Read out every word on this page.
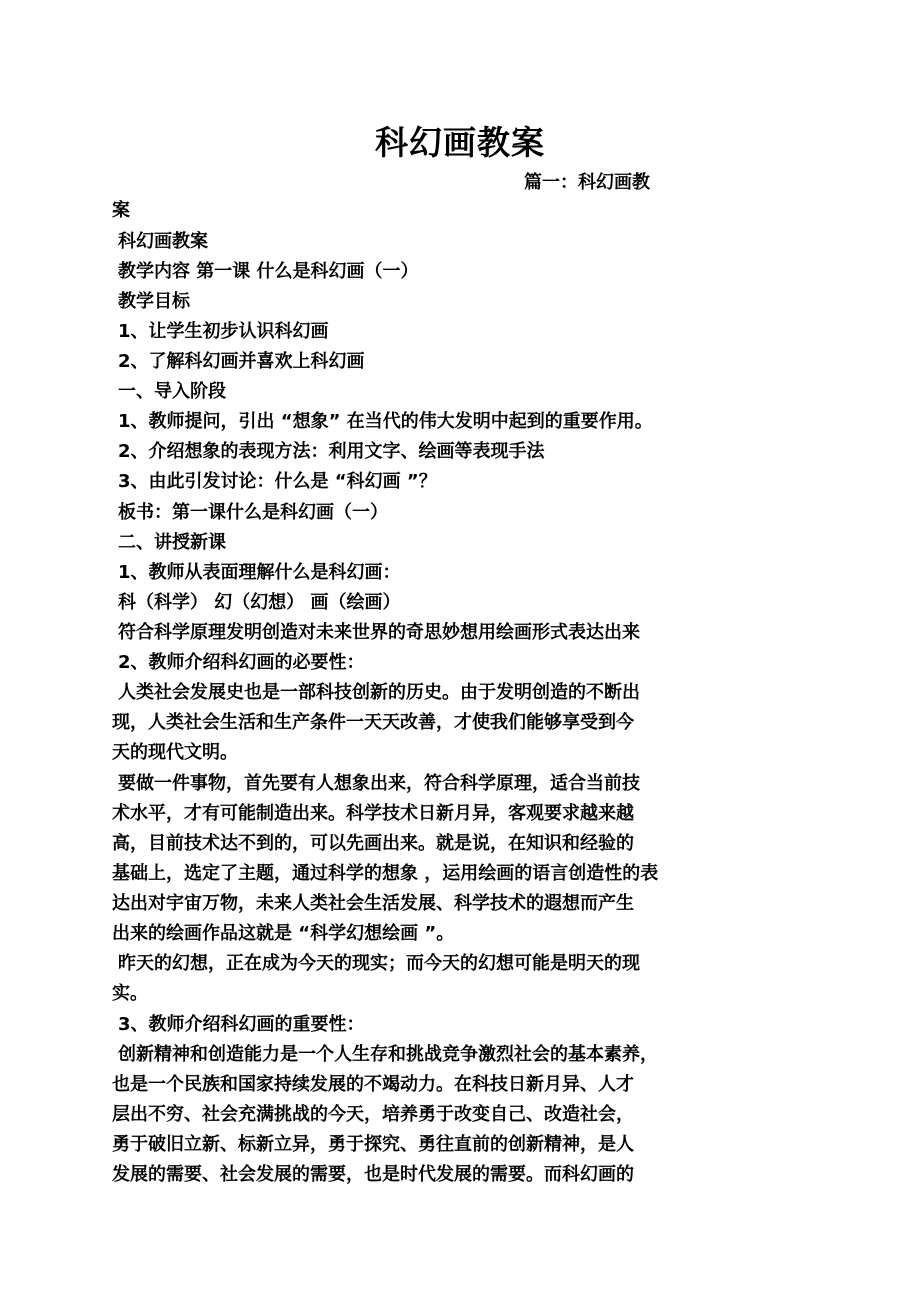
科幻画教案
篇一：科幻画教
案
科幻画教案
教学内容 第一课 什么是科幻画（一）
教学目标
1、让学生初步认识科幻画
2、了解科幻画并喜欢上科幻画
一、导入阶段
1、教师提问，引出 “想象” 在当代的伟大发明中起到的重要作用。
2、介绍想象的表现方法：利用文字、绘画等表现手法
3、由此引发讨论：什么是 “科幻画 ”？
板书：第一课什么是科幻画（一）
二、讲授新课
1、教师从表面理解什么是科幻画：
科（科学） 幻（幻想） 画（绘画）
符合科学原理发明创造对未来世界的奇思妙想用绘画形式表达出来
2、教师介绍科幻画的必要性：
人类社会发展史也是一部科技创新的历史。由于发明创造的不断出
现，人类社会生活和生产条件一天天改善，才使我们能够享受到今
天的现代文明。
要做一件事物，首先要有人想象出来，符合科学原理，适合当前技
术水平，才有可能制造出来。科学技术日新月异，客观要求越来越
高，目前技术达不到的，可以先画出来。就是说，在知识和经验的
基础上，选定了主题，通过科学的想象 ，运用绘画的语言创造性的表
达出对宇宙万物，未来人类社会生活发展、科学技术的遐想而产生
出来的绘画作品这就是 “科学幻想绘画 ”。
昨天的幻想，正在成为今天的现实；而今天的幻想可能是明天的现
实。
3、教师介绍科幻画的重要性：
创新精神和创造能力是一个人生存和挑战竞争激烈社会的基本素养，
也是一个民族和国家持续发展的不竭动力。在科技日新月异、人才
层出不穷、社会充满挑战的今天，培养勇于改变自己、改造社会，
勇于破旧立新、标新立异，勇于探究、勇往直前的创新精神，是人
发展的需要、社会发展的需要，也是时代发展的需要。而科幻画的
